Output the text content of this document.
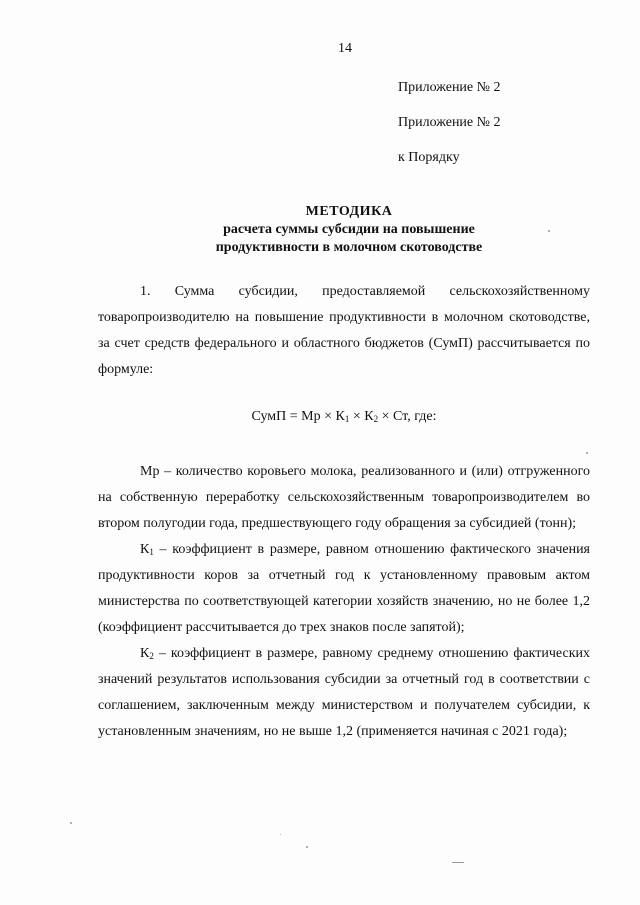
14
Приложение № 2
Приложение № 2
к Порядку
МЕТОДИКА
расчета суммы субсидии на повышение
продуктивности в молочном скотоводстве

1. Сумма субсидии, предоставляемой сельскохозяйственному товаропроизводителю на повышение продуктивности в молочном скотоводстве, за счет средств федерального и областного бюджетов (СумП) рассчитывается по формуле:

СумП = Мр × $К_1 \times К_2$ × Ст, где:

Мр – количество коровьего молока, реализованного и (или) отгруженного на собственную переработку сельскохозяйственным товаропроизводителем во втором полугодии года, предшествующего году обращения за субсидией (тонн);

$К_1$ – коэффициент в размере, равном отношению фактического значения продуктивности коров за отчетный год к установленному правовым актом министерства по соответствующей категории хозяйств значению, но не более 1,2 (коэффициент рассчитывается до трех знаков после запятой);

$К_2$ – коэффициент в размере, равному среднему отношению фактических значений результатов использования субсидии за отчетный год в соответствии с соглашением, заключенным между министерством и получателем субсидии, к установленным значениям, но не выше 1,2 (применяется начиная с 2021 года);
